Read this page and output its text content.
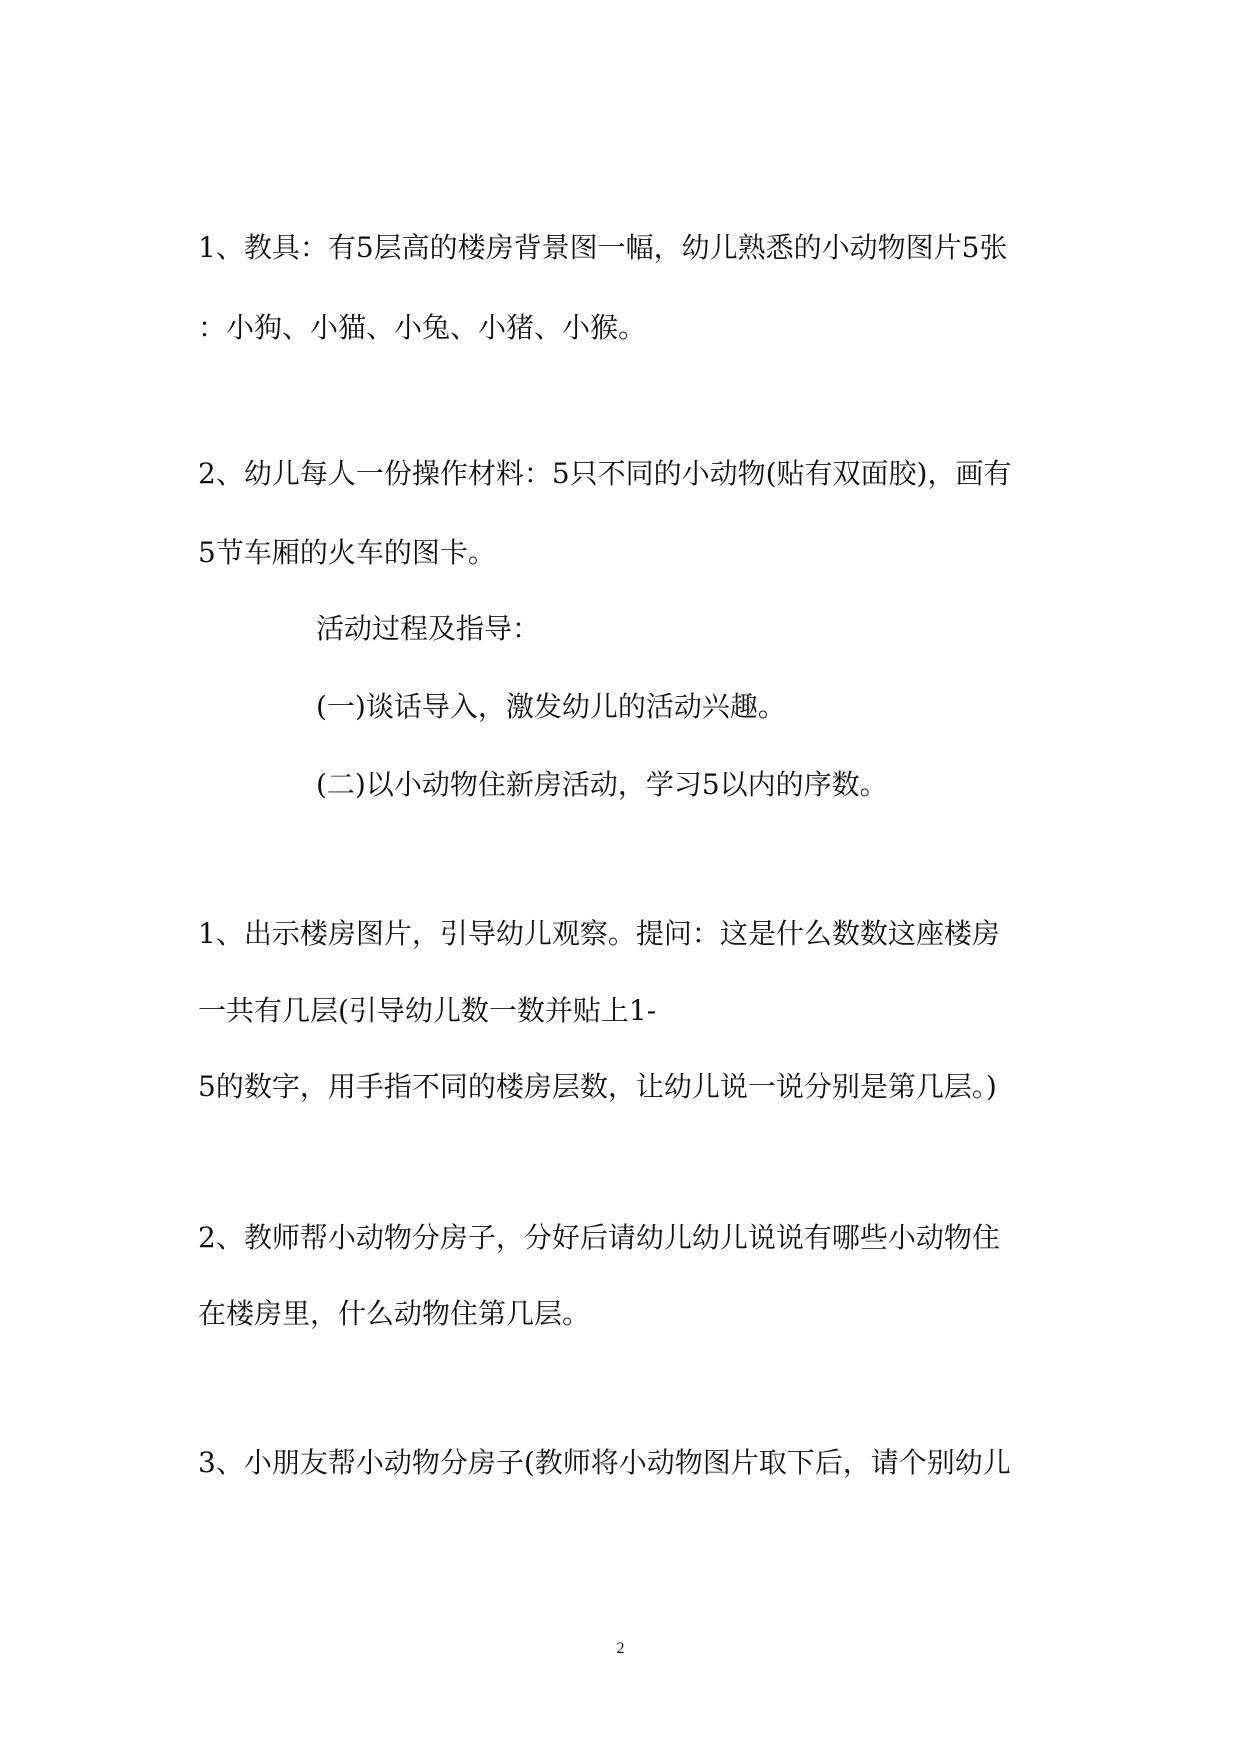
1、教具：有5层高的楼房背景图一幅，幼儿熟悉的小动物图片5张

：小狗、小猫、小兔、小猪、小猴。

2、幼儿每人一份操作材料：5只不同的小动物(贴有双面胶)，画有

5节车厢的火车的图卡。

活动过程及指导：

(一)谈话导入，激发幼儿的活动兴趣。

(二)以小动物住新房活动，学习5以内的序数。

1、出示楼房图片，引导幼儿观察。提问：这是什么数数这座楼房

一共有几层(引导幼儿数一数并贴上1-

5的数字，用手指不同的楼房层数，让幼儿说一说分别是第几层。)

2、教师帮小动物分房子，分好后请幼儿幼儿说说有哪些小动物住

在楼房里，什么动物住第几层。

3、小朋友帮小动物分房子(教师将小动物图片取下后，请个别幼儿

2
